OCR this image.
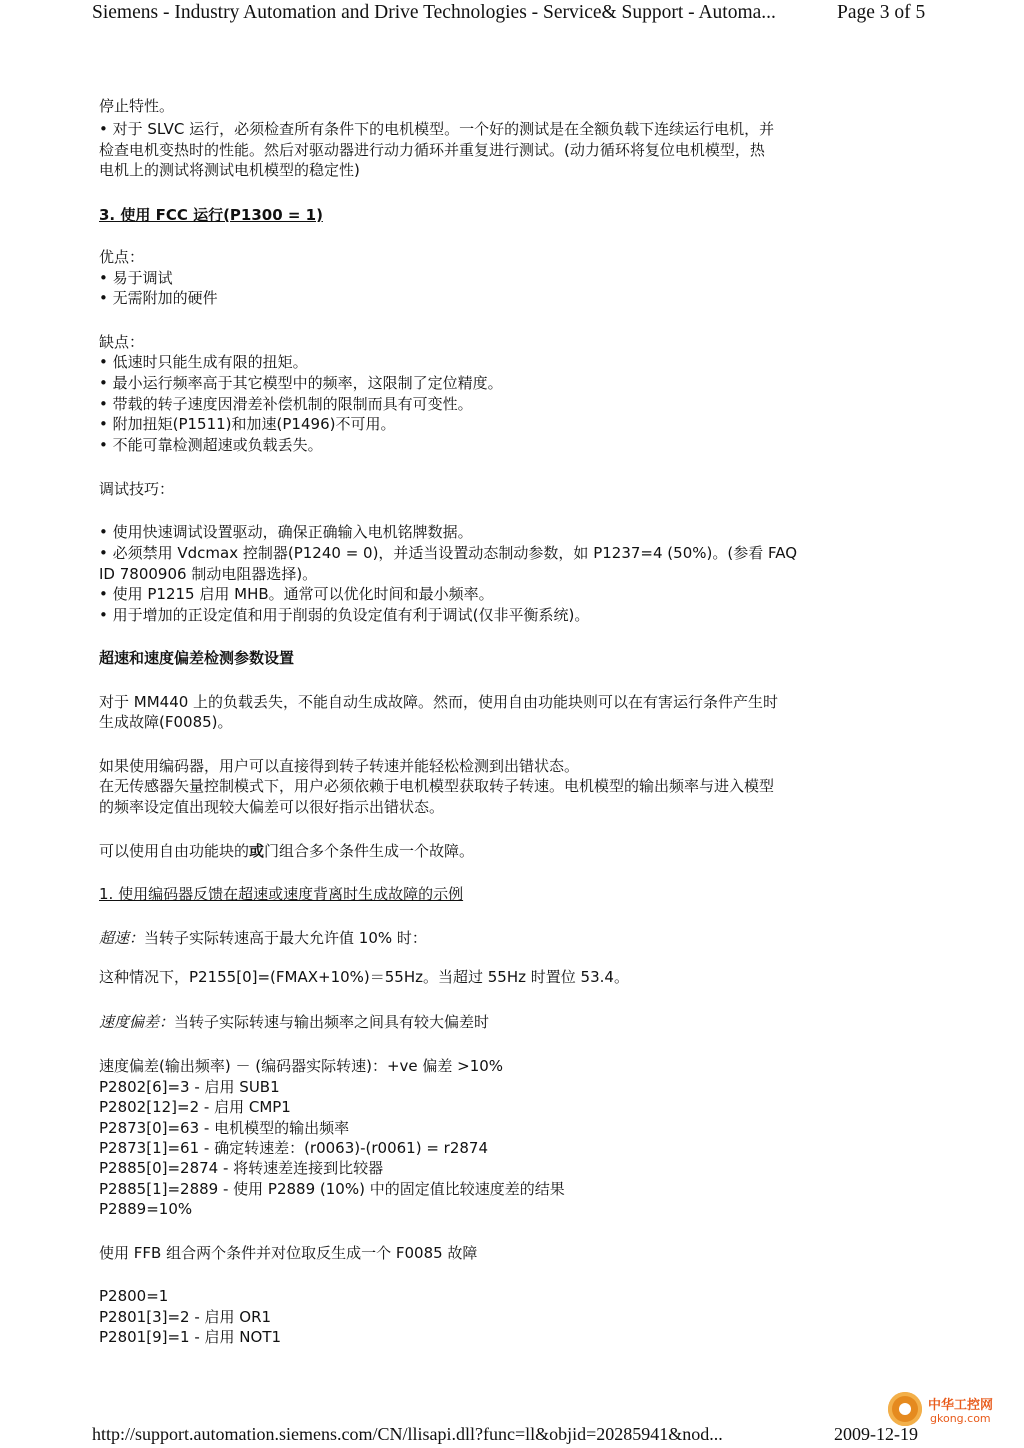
Siemens - Industry Automation and Drive Technologies - Service& Support - Automa...	Page 3 of 5
停止特性。
• 对于 SLVC 运行，必须检查所有条件下的电机模型。一个好的测试是在全额负载下连续运行电机，并
检查电机变热时的性能。然后对驱动器进行动力循环并重复进行测试。(动力循环将复位电机模型，热
电机上的测试将测试电机模型的稳定性)
3. 使用 FCC 运行(P1300 = 1)
优点：
• 易于调试
• 无需附加的硬件
缺点：
• 低速时只能生成有限的扭矩。
• 最小运行频率高于其它模型中的频率，这限制了定位精度。
• 带载的转子速度因滑差补偿机制的限制而具有可变性。
• 附加扭矩(P1511)和加速(P1496)不可用。
• 不能可靠检测超速或负载丢失。
调试技巧：
• 使用快速调试设置驱动，确保正确输入电机铭牌数据。
• 必须禁用 Vdcmax 控制器(P1240 = 0)，并适当设置动态制动参数，如 P1237=4 (50%)。(参看 FAQ
ID 7800906 制动电阻器选择)。
• 使用 P1215 启用 MHB。通常可以优化时间和最小频率。
• 用于增加的正设定值和用于削弱的负设定值有利于调试(仅非平衡系统)。
超速和速度偏差检测参数设置
对于 MM440 上的负载丢失，不能自动生成故障。然而，使用自由功能块则可以在有害运行条件产生时
生成故障(F0085)。
如果使用编码器，用户可以直接得到转子转速并能轻松检测到出错状态。
在无传感器矢量控制模式下，用户必须依赖于电机模型获取转子转速。电机模型的输出频率与进入模型
的频率设定值出现较大偏差可以很好指示出错状态。
可以使用自由功能块的或门组合多个条件生成一个故障。
1. 使用编码器反馈在超速或速度背离时生成故障的示例
超速：当转子实际转速高于最大允许值 10% 时：
这种情况下，P2155[0]=(FMAX+10%)＝55Hz。当超过 55Hz 时置位 53.4。
速度偏差：当转子实际转速与输出频率之间具有较大偏差时
速度偏差(输出频率) － (编码器实际转速)：+ve 偏差 >10%
P2802[6]=3 - 启用 SUB1
P2802[12]=2 - 启用 CMP1
P2873[0]=63 - 电机模型的输出频率
P2873[1]=61 - 确定转速差：(r0063)-(r0061) = r2874
P2885[0]=2874 - 将转速差连接到比较器
P2885[1]=2889 - 使用 P2889 (10%) 中的固定值比较速度差的结果
P2889=10%
使用 FFB 组合两个条件并对位取反生成一个 F0085 故障
P2800=1
P2801[3]=2 - 启用 OR1
P2801[9]=1 - 启用 NOT1
中华工控网
gkong.com
http://support.automation.siemens.com/CN/llisapi.dll?func=ll&objid=20285941&nod...	2009-12-19
